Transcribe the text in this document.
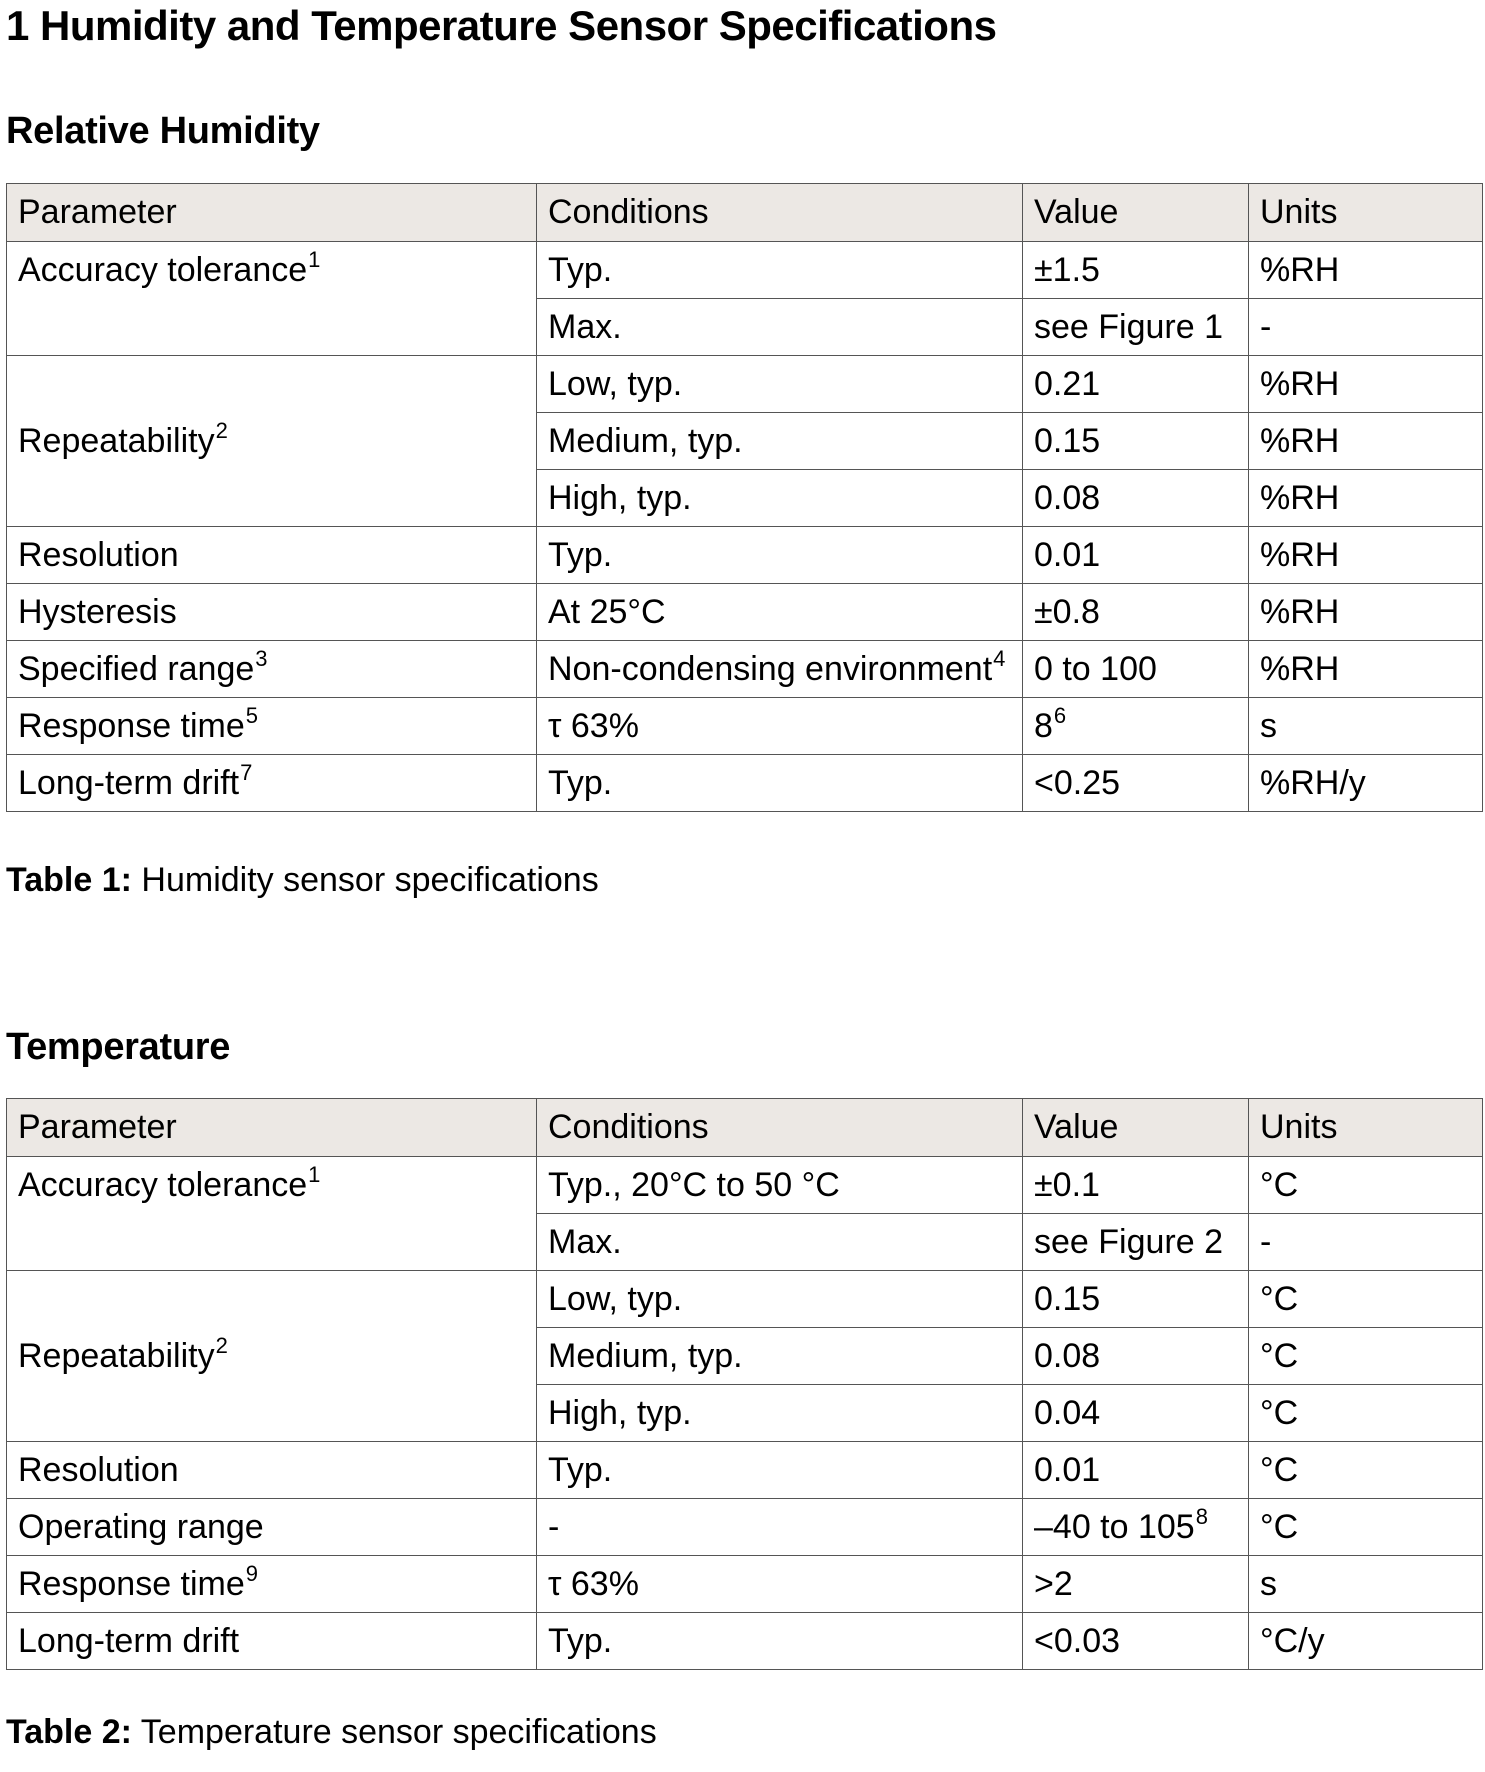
1 Humidity and Temperature Sensor Specifications
Relative Humidity
Parameter	Conditions	Value	Units
Accuracy tolerance$^1$	Typ.	±1.5	%RH
	Max.	see Figure 1	-
Repeatability$^2$	Low, typ.	0.21	%RH
	Medium, typ.	0.15	%RH
	High, typ.	0.08	%RH
Resolution	Typ.	0.01	%RH
Hysteresis	At 25°C	±0.8	%RH
Specified range$^3$	Non-condensing environment$^4$	0 to 100	%RH
Response time$^5$	τ 63%	$8^6$	s
Long-term drift$^7$	Typ.	<0.25	%RH/y
Table 1: Humidity sensor specifications
Temperature
Parameter	Conditions	Value	Units
Accuracy tolerance$^1$	Typ., 20°C to 50 °C	±0.1	°C
	Max.	see Figure 2	-
Repeatability$^2$	Low, typ.	0.15	°C
	Medium, typ.	0.08	°C
	High, typ.	0.04	°C
Resolution	Typ.	0.01	°C
Operating range	-	–40 to $105^8$	°C
Response time$^9$	τ 63%	>2	s
Long-term drift	Typ.	<0.03	°C/y
Table 2: Temperature sensor specifications
